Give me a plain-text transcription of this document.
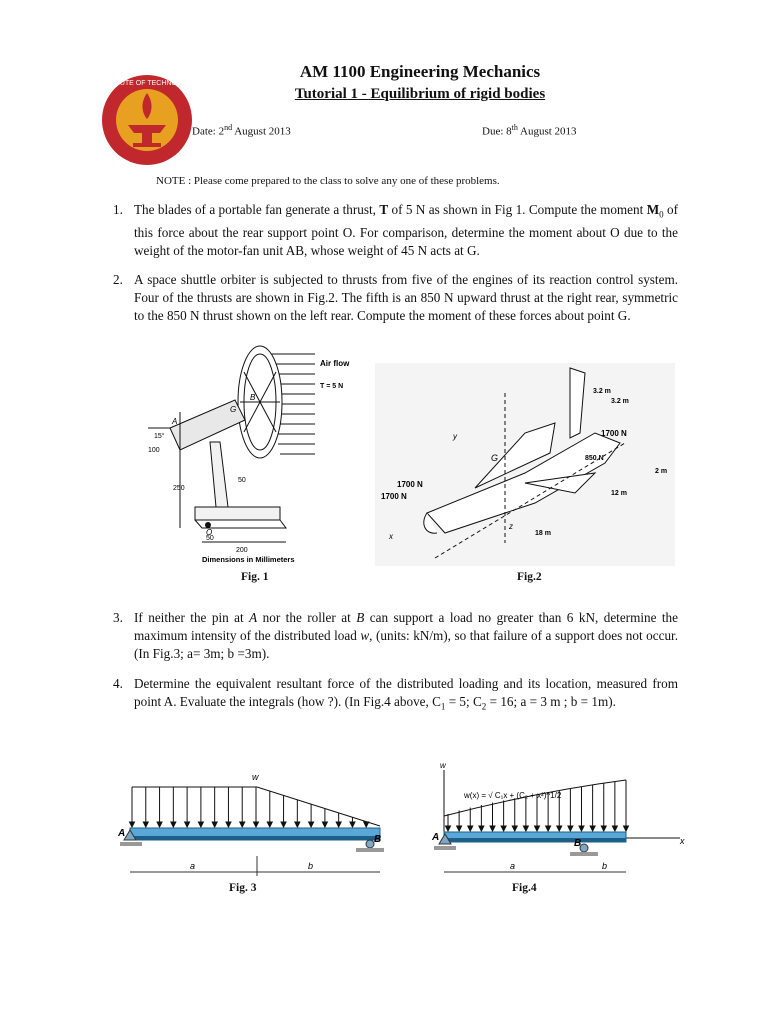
INSTITUTE OF TECHNOLOGY
AM 1100 Engineering Mechanics
Tutorial 1 - Equilibrium of rigid bodies
Date: 2nd August 2013	Due: 8th August 2013
NOTE : Please come prepared to the class to solve any one of these problems.
1. The blades of a portable fan generate a thrust, T of 5 N as shown in Fig 1. Compute the moment $M_0$ of this force about the rear support point O. For comparison, determine the moment about O due to the weight of the motor-fan unit AB, whose weight of 45 N acts at G.
2. A space shuttle orbiter is subjected to thrusts from five of the engines of its reaction control system. Four of the thrusts are shown in Fig.2. The fifth is an 850 N upward thrust at the right rear, symmetric to the 850 N thrust shown on the left rear. Compute the moment of these forces about point G.
Air flow
T = 5 N
15°
100
250
50
50
200
A
G
B
O
Dimensions in Millimeters
G
1700 N
850 N
1700 N
1700 N
3.2 m
3.2 m
2 m
12 m
18 m
x
y
z
Fig. 1	Fig.2
3. If neither the pin at A nor the roller at B can support a load no greater than 6 kN, determine the maximum intensity of the distributed load w, (units: kN/m), so that failure of a support does not occur. (In Fig.3; a= 3m; b =3m).
4. Determine the equivalent resultant force of the distributed loading and its location, measured from point A. Evaluate the integrals (how ?). (In Fig.4 above, $C_1 = 5$; $C_2 = 16$; a = 3 m ; b = 1m).
w
A
B
a	b
w
w(x) = √ C₁x + (C₂ + x²)^1/2
A
B	x
a	b
Fig. 3	Fig.4
